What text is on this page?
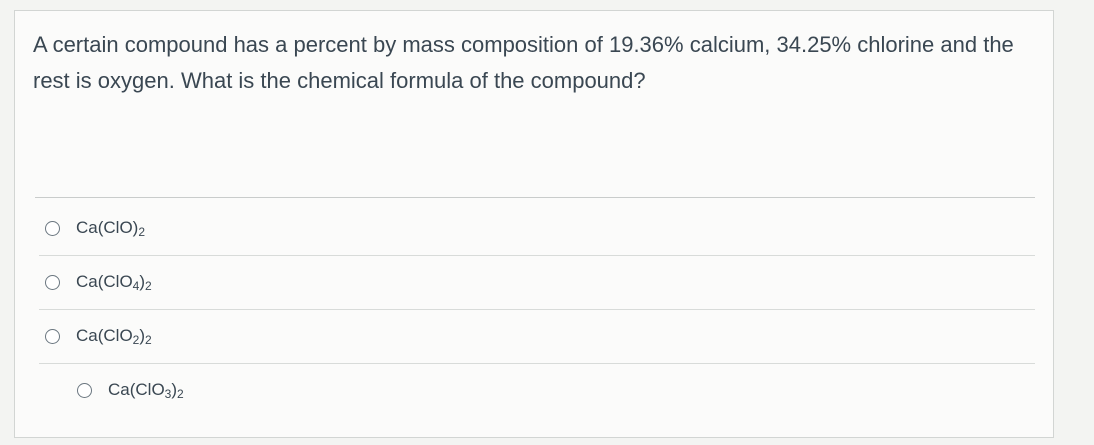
A certain compound has a percent by mass composition of 19.36% calcium, 34.25% chlorine and the rest is oxygen. What is the chemical formula of the compound?
$Ca(ClO)_2$
$Ca(ClO_4)_2$
$Ca(ClO_2)_2$
$Ca(ClO_3)_2$
